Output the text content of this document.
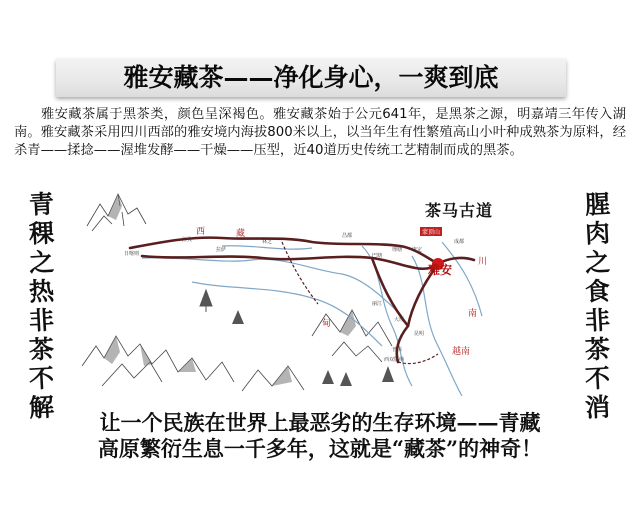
雅安藏茶——净化身心，一爽到底

雅安藏茶属于黑茶类，颜色呈深褐色。雅安藏茶始于公元641年，是黑茶之源，明嘉靖三年传入湖南。雅安藏茶采用四川西部的雅安境内海拔800米以上，以当年生有性繁殖高山小叶种成熟茶为原料，经杀青——揉捻——渥堆发酵——干燥——压型，近40道历史传统工艺精制而成的黑茶。

青
稞
之
热
非
茶
不
解
腥
肉
之
食
非
茶
不
消
茶马古道
雅安
蒙顶山
西	藏
川
南
甸
越南
拉萨
林芝
昌都
巴塘
理塘 康定
成都
丽江
大理
昆明
江孜
日喀则
普洱
西双版纳

让一个民族在世界上最恶劣的生存环境——青藏

高原繁衍生息一千多年，这就是“藏茶”的神奇！
